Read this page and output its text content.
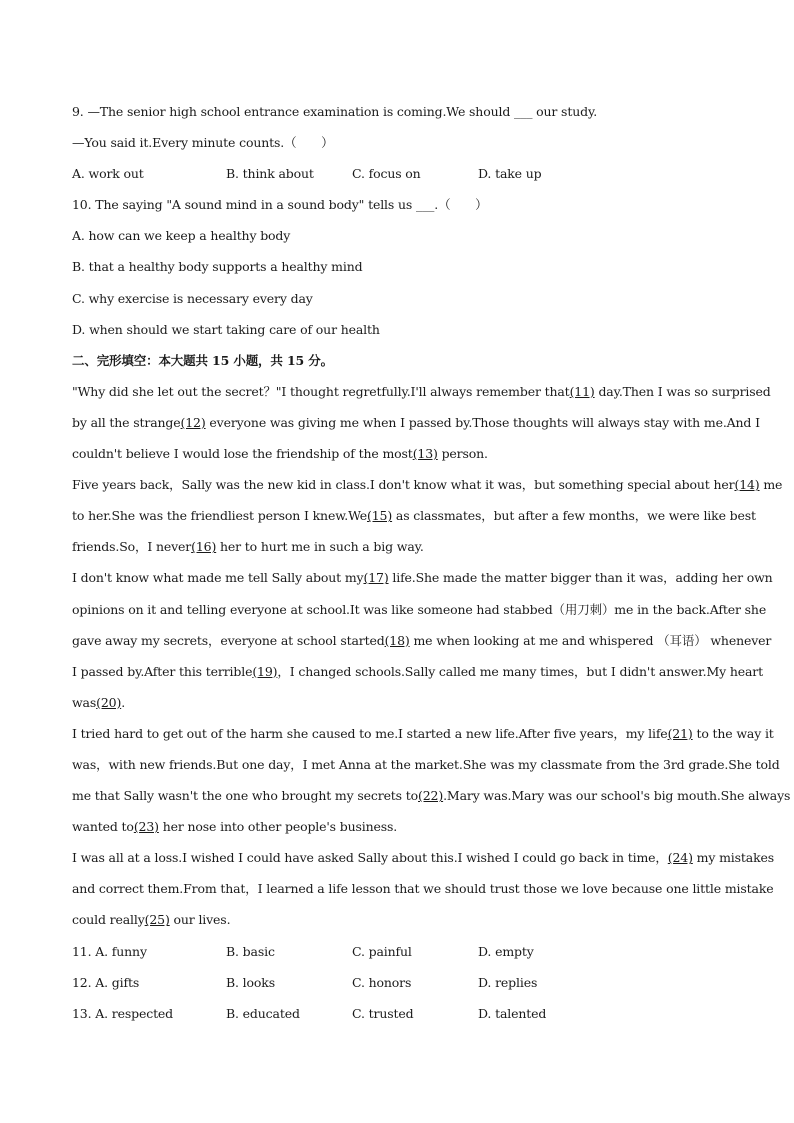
9. —The senior high school entrance examination is coming.We should ___ our study.
—You said it.Every minute counts.（　　）
A. work out	B. think about	C. focus on	D. take up
10. The saying "A sound mind in a sound body" tells us ___.（　　）
A. how can we keep a healthy body
B. that a healthy body supports a healthy mind
C. why exercise is necessary every day
D. when should we start taking care of our health
二、完形填空：本大题共 15 小题，共 15 分。
"Why did she let out the secret？"I thought regretfully.I'll always remember that(11) day.Then I was so surprised
by all the strange(12) everyone was giving me when I passed by.Those thoughts will always stay with me.And I
couldn't believe I would lose the friendship of the most(13) person.
Five years back，Sally was the new kid in class.I don't know what it was，but something special about her(14) me
to her.She was the friendliest person I knew.We(15) as classmates，but after a few months，we were like best
friends.So，I never(16) her to hurt me in such a big way.
I don't know what made me tell Sally about my(17) life.She made the matter bigger than it was，adding her own
opinions on it and telling everyone at school.It was like someone had stabbed（用刀刺）me in the back.After she
gave away my secrets，everyone at school started(18) me when looking at me and whispered （耳语） whenever
I passed by.After this terrible(19)，I changed schools.Sally called me many times，but I didn't answer.My heart
was(20).
I tried hard to get out of the harm she caused to me.I started a new life.After five years，my life(21) to the way it
was，with new friends.But one day，I met Anna at the market.She was my classmate from the 3rd grade.She told
me that Sally wasn't the one who brought my secrets to(22).Mary was.Mary was our school's big mouth.She always
wanted to(23) her nose into other people's business.
I was all at a loss.I wished I could have asked Sally about this.I wished I could go back in time，(24) my mistakes
and correct them.From that，I learned a life lesson that we should trust those we love because one little mistake
could really(25) our lives.
11. A. funny	B. basic	C. painful	D. empty
12. A. gifts	B. looks	C. honors	D. replies
13. A. respected	B. educated	C. trusted	D. talented
